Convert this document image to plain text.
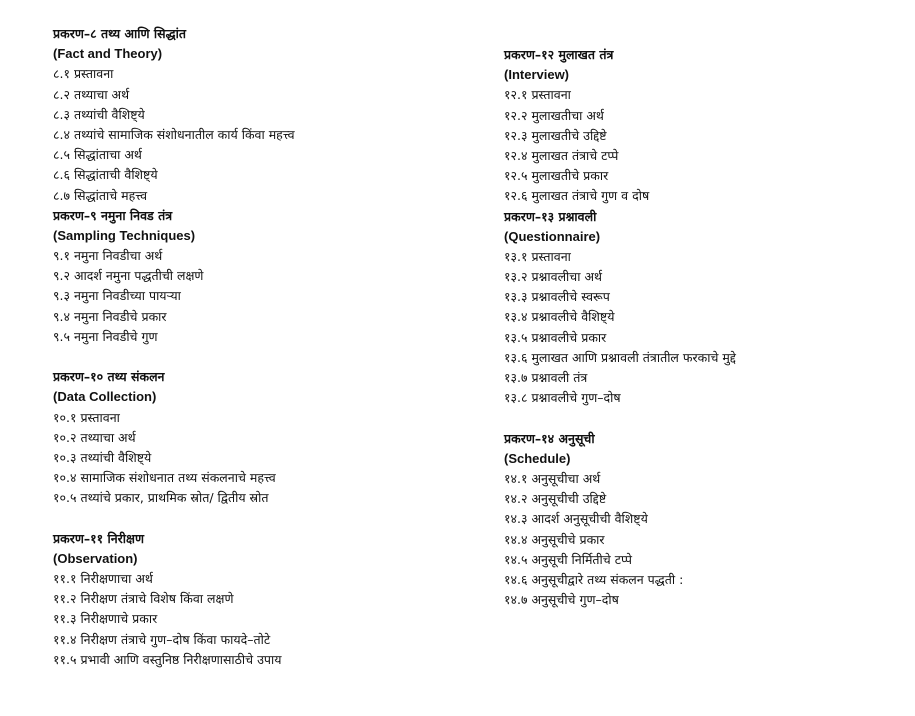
प्रकरण–८ तथ्य आणि सिद्धांत
(Fact and Theory)
८.१ प्रस्तावना
८.२ तथ्याचा अर्थ
८.३ तथ्यांची वैशिष्ट्ये
८.४ तथ्यांचे सामाजिक संशोधनातील कार्य किंवा महत्त्व
८.५ सिद्धांताचा अर्थ
८.६ सिद्धांताची वैशिष्ट्ये
८.७ सिद्धांताचे महत्त्व
प्रकरण–९ नमुना निवड तंत्र
(Sampling Techniques)
९.१ नमुना निवडीचा अर्थ
९.२ आदर्श नमुना पद्धतीची लक्षणे
९.३ नमुना निवडीच्या पायऱ्या
९.४ नमुना निवडीचे प्रकार
९.५ नमुना निवडीचे गुण
प्रकरण–१० तथ्य संकलन
(Data Collection)
१०.१ प्रस्तावना
१०.२ तथ्याचा अर्थ
१०.३ तथ्यांची वैशिष्ट्ये
१०.४ सामाजिक संशोधनात तथ्य संकलनाचे महत्त्व
१०.५ तथ्यांचे प्रकार, प्राथमिक स्रोत/ द्वितीय स्रोत
प्रकरण–११ निरीक्षण
(Observation)
११.१ निरीक्षणाचा अर्थ
११.२ निरीक्षण तंत्राचे विशेष किंवा लक्षणे
११.३ निरीक्षणाचे प्रकार
११.४ निरीक्षण तंत्राचे गुण–दोष किंवा फायदे–तोटे
११.५ प्रभावी आणि वस्तुनिष्ठ निरीक्षणासाठीचे उपाय
प्रकरण–१२ मुलाखत तंत्र
(Interview)
१२.१ प्रस्तावना
१२.२ मुलाखतीचा अर्थ
१२.३ मुलाखतीचे उद्दिष्टे
१२.४ मुलाखत तंत्राचे टप्पे
१२.५ मुलाखतीचे प्रकार
१२.६ मुलाखत तंत्राचे गुण व दोष
प्रकरण–१३ प्रश्नावली
(Questionnaire)
१३.१ प्रस्तावना
१३.२ प्रश्नावलीचा अर्थ
१३.३ प्रश्नावलीचे स्वरूप
१३.४ प्रश्नावलीचे वैशिष्ट्ये
१३.५ प्रश्नावलीचे प्रकार
१३.६ मुलाखत आणि प्रश्नावली तंत्रातील फरकाचे मुद्दे
१३.७ प्रश्नावली तंत्र
१३.८ प्रश्नावलीचे गुण–दोष
प्रकरण–१४ अनुसूची
(Schedule)
१४.१ अनुसूचीचा अर्थ
१४.२ अनुसूचीची उद्दिष्टे
१४.३ आदर्श अनुसूचीची वैशिष्ट्ये
१४.४ अनुसूचीचे प्रकार
१४.५ अनुसूची निर्मितीचे टप्पे
१४.६ अनुसूचीद्वारे तथ्य संकलन पद्धती :
१४.७ अनुसूचीचे गुण–दोष
